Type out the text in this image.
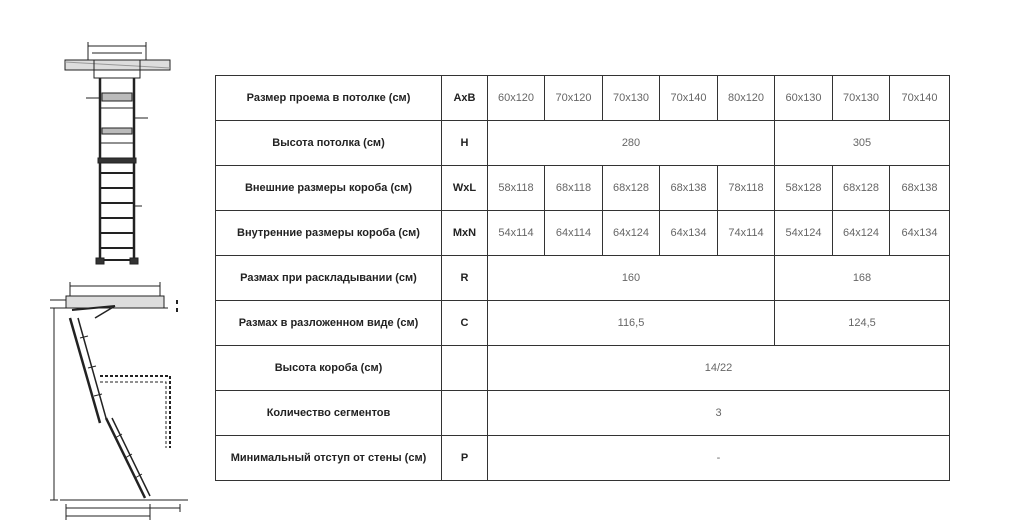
Размер проема в потолке (см)	AxB	60x120	70x120	70x130	70x140	80x120	60x130	70x130	70x140
Высота потолка (см)	H	280					305		
Внешние размеры короба (см)	WxL	58x118	68x118	68x128	68x138	78x118	58x128	68x128	68x138
Внутренние размеры короба (см)	MxN	54x114	64x114	64x124	64x134	74x114	54x124	64x124	64x134
Размах при раскладывании (см)	R	160					168		
Размах в разложенном виде (см)	C	116,5					124,5		
Высота короба (см)		14/22							
Количество сегментов		3							
Минимальный отступ от стены (см)	P	-							
